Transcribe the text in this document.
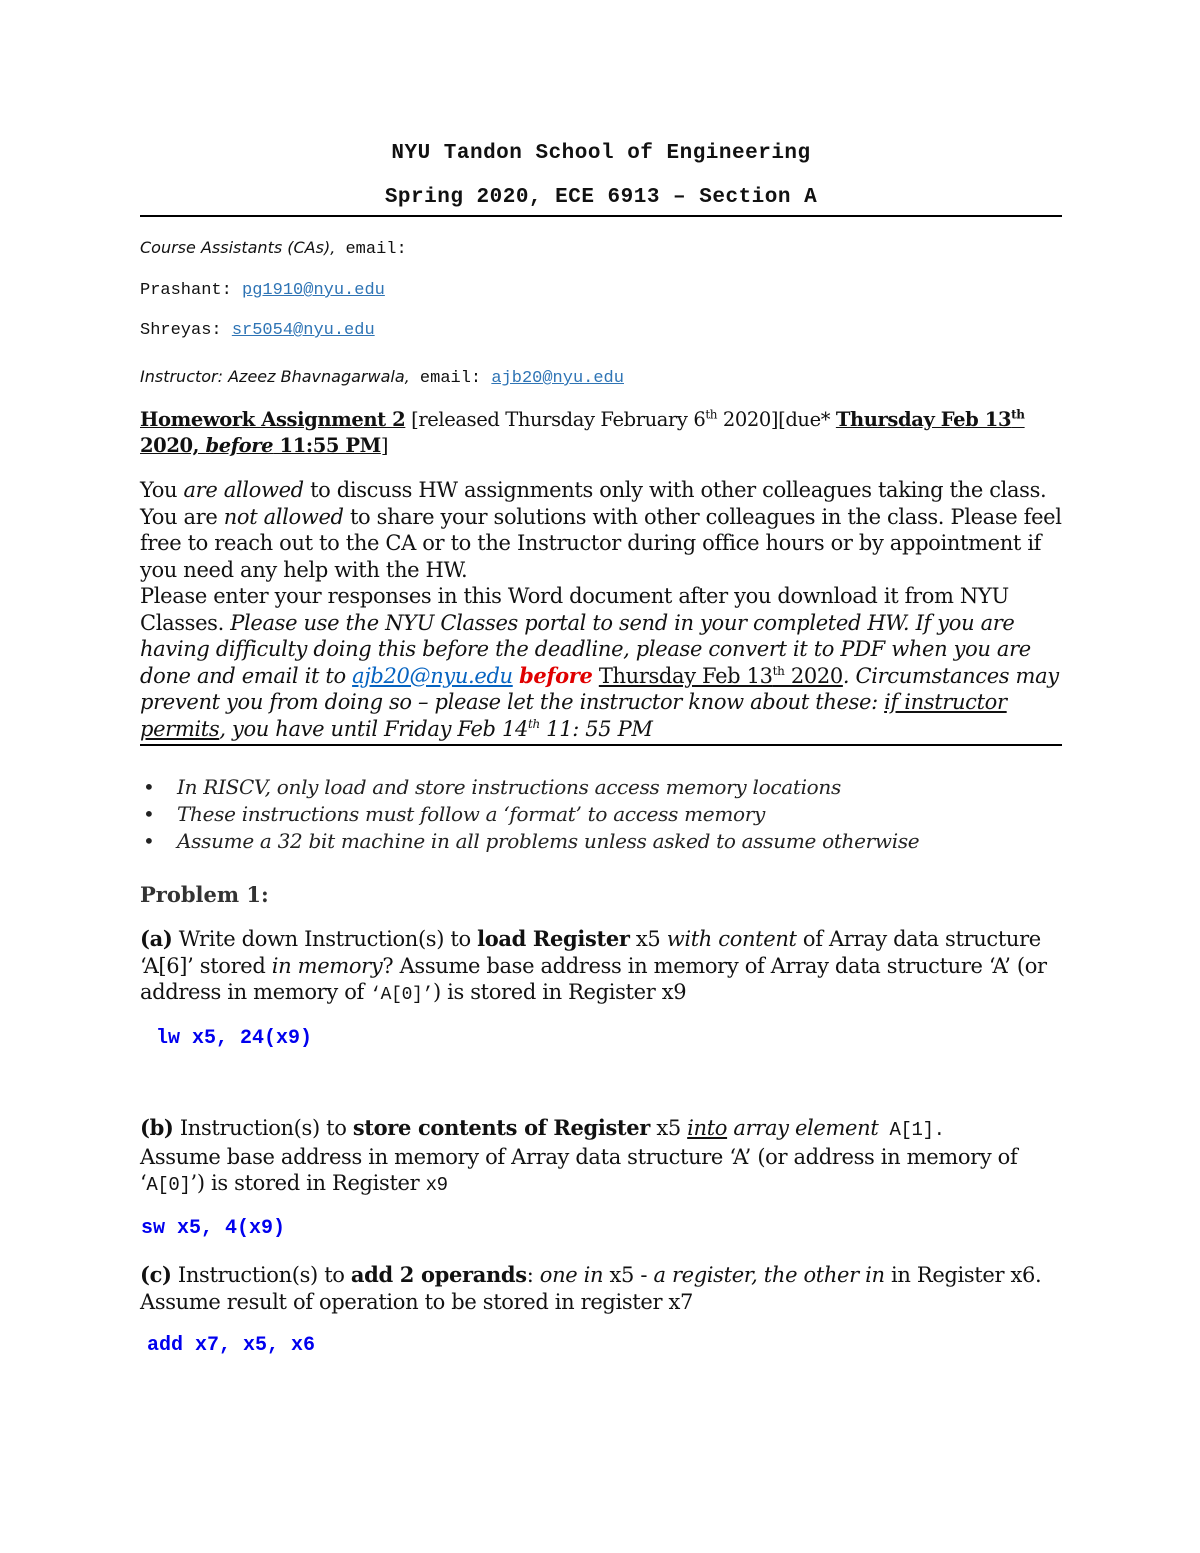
NYU Tandon School of Engineering
Spring 2020, ECE 6913 – Section A
Course Assistants (CAs), email:
Prashant: pg1910@nyu.edu
Shreyas: sr5054@nyu.edu
Instructor: Azeez Bhavnagarwala, email: ajb20@nyu.edu
Homework Assignment 2 [released Thursday February 6th 2020][due* Thursday Feb 13th
2020, before 11:55 PM]
You are allowed to discuss HW assignments only with other colleagues taking the class. You are not allowed to share your solutions with other colleagues in the class. Please feel free to reach out to the CA or to the Instructor during office hours or by appointment if you need any help with the HW.
Please enter your responses in this Word document after you download it from NYU Classes. Please use the NYU Classes portal to send in your completed HW. If you are having difficulty doing this before the deadline, please convert it to PDF when you are done and email it to ajb20@nyu.edu before Thursday Feb 13th 2020. Circumstances may prevent you from doing so – please let the instructor know about these: if instructor permits, you have until Friday Feb 14th 11: 55 PM
• In RISCV, only load and store instructions access memory locations
• These instructions must follow a ‘format’ to access memory
• Assume a 32 bit machine in all problems unless asked to assume otherwise
Problem 1:
(a) Write down Instruction(s) to load Register x5 with content of Array data structure ‘A[6]’ stored in memory? Assume base address in memory of Array data structure ‘A’ (or address in memory of ‘A[0]’) is stored in Register x9
lw x5, 24(x9)
(b) Instruction(s) to store contents of Register x5 into array element A[1].
Assume base address in memory of Array data structure ‘A’ (or address in memory of ‘A[0]’) is stored in Register x9
sw x5, 4(x9)
(c) Instruction(s) to add 2 operands: one in x5 - a register, the other in in Register x6. Assume result of operation to be stored in register x7
add x7, x5, x6
